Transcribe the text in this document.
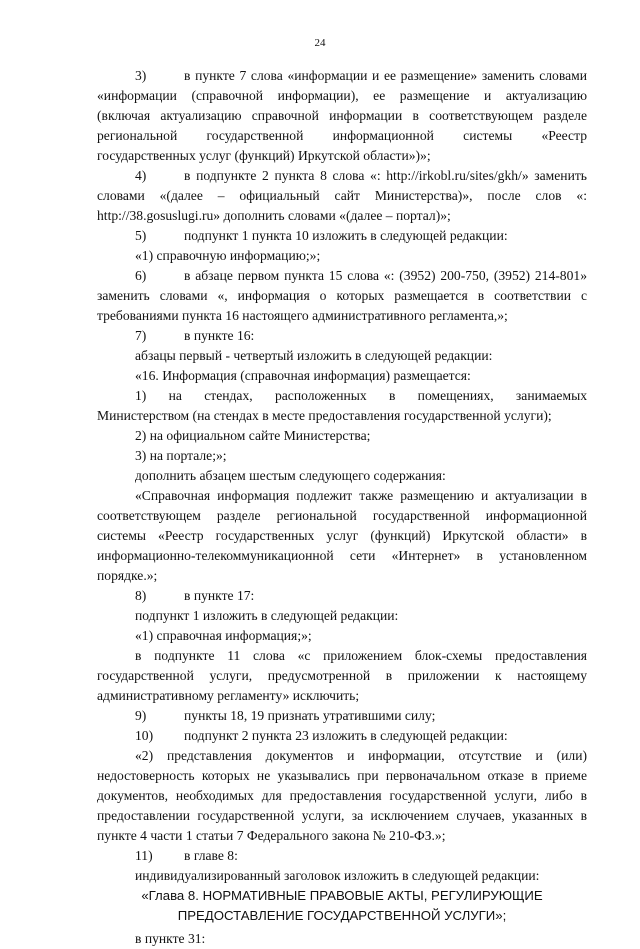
24
3)	в пункте 7 слова «информации и ее размещение» заменить словами
«информации (справочной информации), ее размещение и актуализацию
(включая актуализацию справочной информации в соответствующем разделе
региональной государственной информационной системы «Реестр
государственных услуг (функций) Иркутской области»)»;
4)	в подпункте 2 пункта 8 слова «: http://irkobl.ru/sites/gkh/» заменить
словами «(далее – официальный сайт Министерства)», после слов «:
http://38.gosuslugi.ru» дополнить словами «(далее – портал)»;
5)	подпункт 1 пункта 10 изложить в следующей редакции:
«1) справочную информацию;»;
6)	в абзаце первом пункта 15 слова «: (3952) 200-750, (3952) 214-801»
заменить словами «, информация о которых размещается в соответствии с
требованиями пункта 16 настоящего административного регламента,»;
7)	в пункте 16:
абзацы первый - четвертый изложить в следующей редакции:
«16. Информация (справочная информация) размещается:
1) на стендах, расположенных в помещениях, занимаемых
Министерством (на стендах в месте предоставления государственной услуги);
2) на официальном сайте Министерства;
3) на портале;»;
дополнить абзацем шестым следующего содержания:
«Справочная информация подлежит также размещению и актуализации в
соответствующем разделе региональной государственной информационной
системы «Реестр государственных услуг (функций) Иркутской области» в
информационно-телекоммуникационной сети «Интернет» в установленном
порядке.»;
8)	в пункте 17:
подпункт 1 изложить в следующей редакции:
«1) справочная информация;»;
в подпункте 11 слова «с приложением блок-схемы предоставления
государственной услуги, предусмотренной в приложении к настоящему
административному регламенту» исключить;
9)	пункты 18, 19 признать утратившими силу;
10) подпункт 2 пункта 23 изложить в следующей редакции:
«2) представления документов и информации, отсутствие и (или)
недостоверность которых не указывались при первоначальном отказе в приеме
документов, необходимых для предоставления государственной услуги, либо в
предоставлении государственной услуги, за исключением случаев, указанных в
пункте 4 части 1 статьи 7 Федерального закона № 210-ФЗ.»;
11) в главе 8:
индивидуализированный заголовок изложить в следующей редакции:
«Глава 8. НОРМАТИВНЫЕ ПРАВОВЫЕ АКТЫ, РЕГУЛИРУЮЩИЕ
ПРЕДОСТАВЛЕНИЕ ГОСУДАРСТВЕННОЙ УСЛУГИ»;
в пункте 31:
